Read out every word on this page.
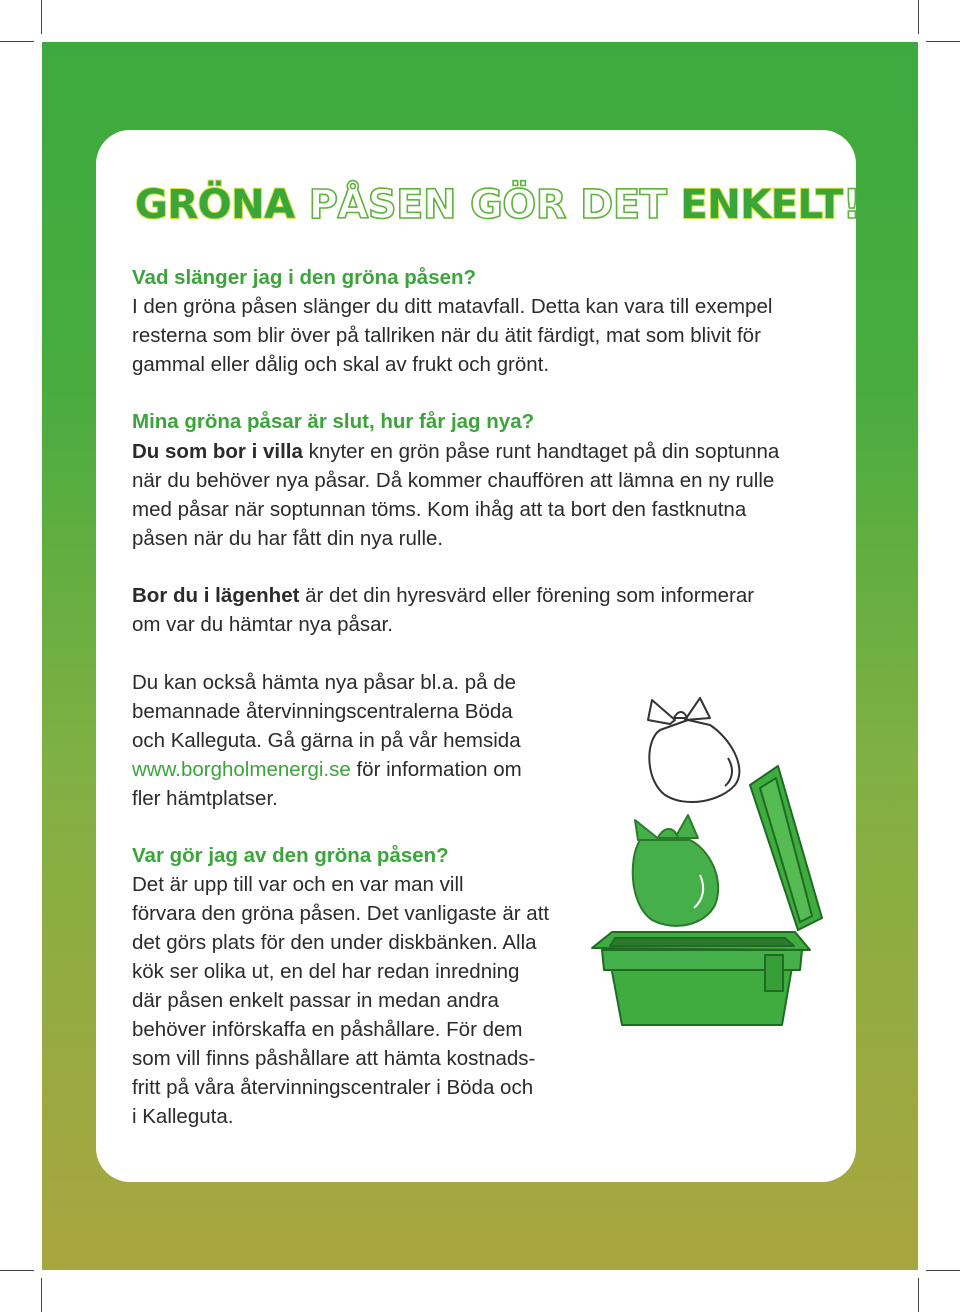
GRÖNA PÅSEN GÖR DET ENKELT!
Vad slänger jag i den gröna påsen?
I den gröna påsen slänger du ditt matavfall. Detta kan vara till exempel
resterna som blir över på tallriken när du ätit färdigt, mat som blivit för
gammal eller dålig och skal av frukt och grönt.
Mina gröna påsar är slut, hur får jag nya?
Du som bor i villa knyter en grön påse runt handtaget på din soptunna
när du behöver nya påsar. Då kommer chauffören att lämna en ny rulle
med påsar när soptunnan töms. Kom ihåg att ta bort den fastknutna
påsen när du har fått din nya rulle.
Bor du i lägenhet är det din hyresvärd eller förening som informerar
om var du hämtar nya påsar.
Du kan också hämta nya påsar bl.a. på de
bemannade återvinningscentralerna Böda
och Kalleguta. Gå gärna in på vår hemsida
www.borgholmenergi.se för information om
fler hämtplatser.
Var gör jag av den gröna påsen?
Det är upp till var och en var man vill
förvara den gröna påsen. Det vanligaste är att
det görs plats för den under diskbänken. Alla
kök ser olika ut, en del har redan inredning
där påsen enkelt passar in medan andra
behöver införskaffa en påshållare. För dem
som vill finns påshållare att hämta kostnads-
fritt på våra återvinningscentraler i Böda och
i Kalleguta.
